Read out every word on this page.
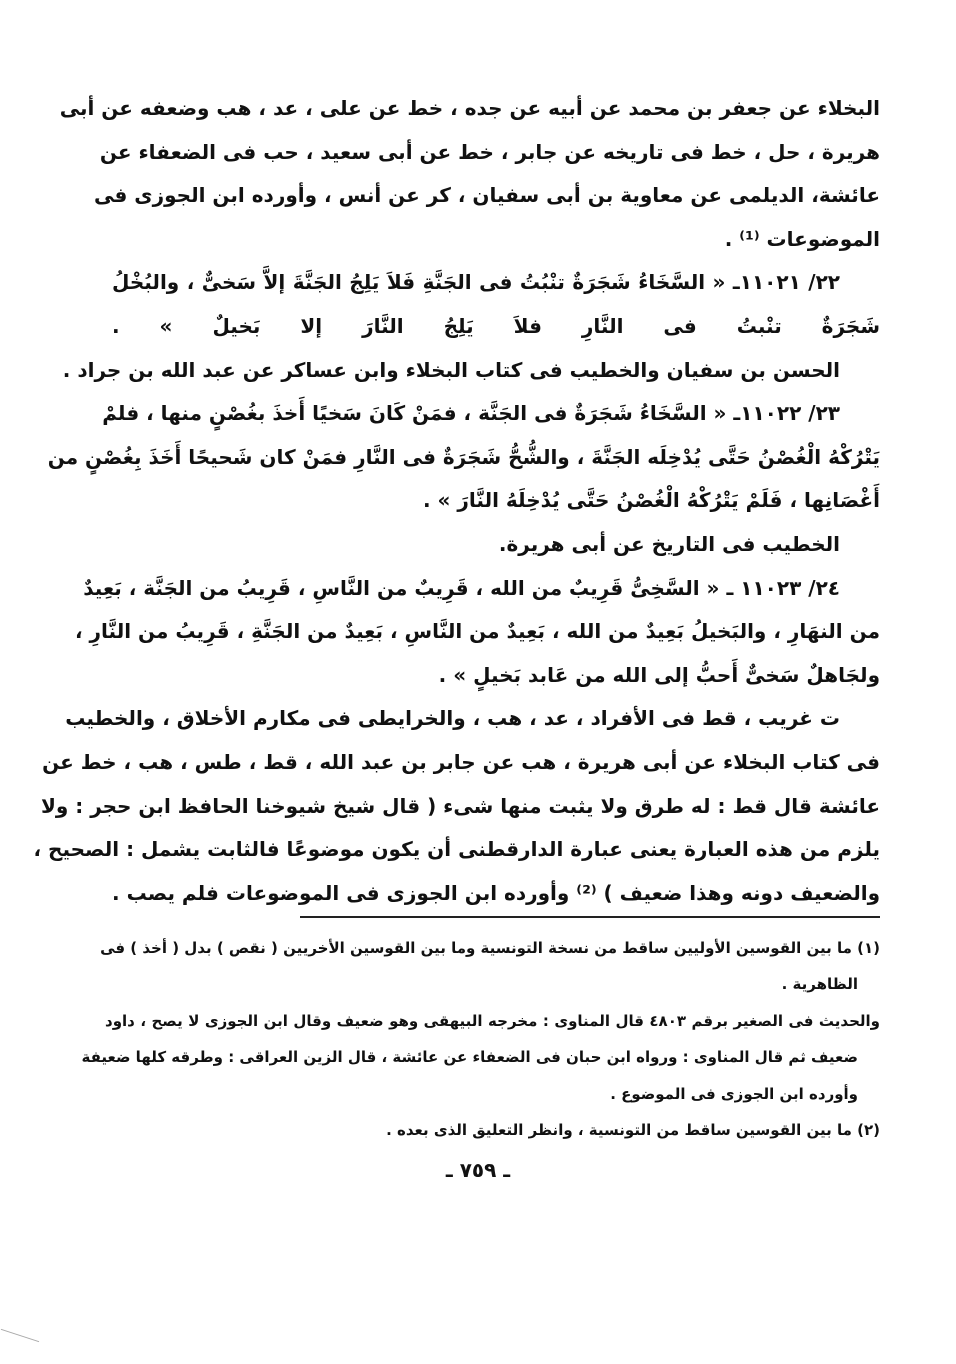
البخلاء عن جعفر بن محمد عن أبيه عن جده ، خط عن على ، عد ، هب وضعفه عن أبى
هريرة ، حل ، خط فى تاريخه عن جابر ، خط عن أبى سعيد ، حب فى الضعفاء عن
عائشة، الديلمى عن معاوية بن أبى سفيان ، كر عن أنس ، وأورده ابن الجوزى فى
الموضوعات ⁽¹⁾ .
٢٢/ ١١٠٢١ـ « السَّخَاءُ شَجَرَةٌ تنْبُتُ فى الجَنَّةِ فَلاَ يَلِجُ الجَنَّةَ إلاَّ سَخىٌّ ، والبُخْلُ
شَجَرَةٌ تنْبتُ فى النَّارِ فلاَ يَلِجُ النَّارَ إلا بَخيلٌ » .
الحسن بن سفيان والخطيب فى كتاب البخلاء وابن عساكر عن عبد الله بن جراد .
٢٣/ ١١٠٢٢ـ « السَّخَاءُ شَجَرَةٌ فى الجَنَّة ، فمَنْ كَانَ سَخيًا أَخذَ بغُصْنٍ منها ، فلمْ
يَتْرُكْهُ الْغُصْنُ حَتَّى يُدْخِلَه الجَنَّةَ ، والشُّحُّ شَجَرَةٌ فى النَّارِ فمَنْ كان شَحيحًا أَخَذَ بِغُصْنٍ من
أَغْصَانِها ، فَلَمْ يَتْرُكْهُ الْغُصْنُ حَتَّى يُدْخِلَهُ النَّارَ » .
الخطيب فى التاريخ عن أبى هريرة.
٢٤/ ١١٠٢٣ ـ « السَّخِىُّ قَرِيبٌ من الله ، قَرِيبٌ من النَّاسِ ، قَرِيبُ من الجَنَّة ، بَعِيدٌ
من النهَارِ ، والبَخيلُ بَعِيدٌ من الله ، بَعِيدٌ من النَّاسِ ، بَعِيدٌ من الجَنَّةِ ، قَرِيبُ من النَّارِ ،
ولجَاهلٌ سَخىٌّ أَحبُّ إلى الله من عَابد بَخيلٍ » .
ت غريب ، قط فى الأفراد ، عد ، هب ، والخرايطى فى مكارم الأخلاق ، والخطيب
فى كتاب البخلاء عن أبى هريرة ، هب عن جابر بن عبد الله ، قط ، طس ، هب ، خط عن
عائشة قال قط : له طرق ولا يثبت منها شىء ( قال شيخ شيوخنا الحافظ ابن حجر : ولا
يلزم من هذه العبارة يعنى عبارة الدارقطنى أن يكون موضوعًا فالثابت يشمل : الصحيح ،
والضعيف دونه وهذا ضعيف ) ⁽²⁾ وأورده ابن الجوزى فى الموضوعات فلم يصب .
(١) ما بين القوسين الأوليين ساقط من نسخة التونسية وما بين القوسين الأخريين ( نقص ) بدل ( أخذ ) فى
الظاهرية .
والحديث فى الصغير برقم ٤٨٠٣ قال المناوى : مخرجه البيهقى وهو ضعيف وقال ابن الجوزى لا يصح ، داود
ضعيف ثم قال المناوى : ورواه ابن حبان فى الضعفاء عن عائشة ، قال الزين العراقى : وطرقه كلها ضعيفة
وأورده ابن الجوزى فى الموضوع .
(٢) ما بين القوسين ساقط من التونسية ، وانظر التعليق الذى بعده .
ـ ٧٥٩ ـ
